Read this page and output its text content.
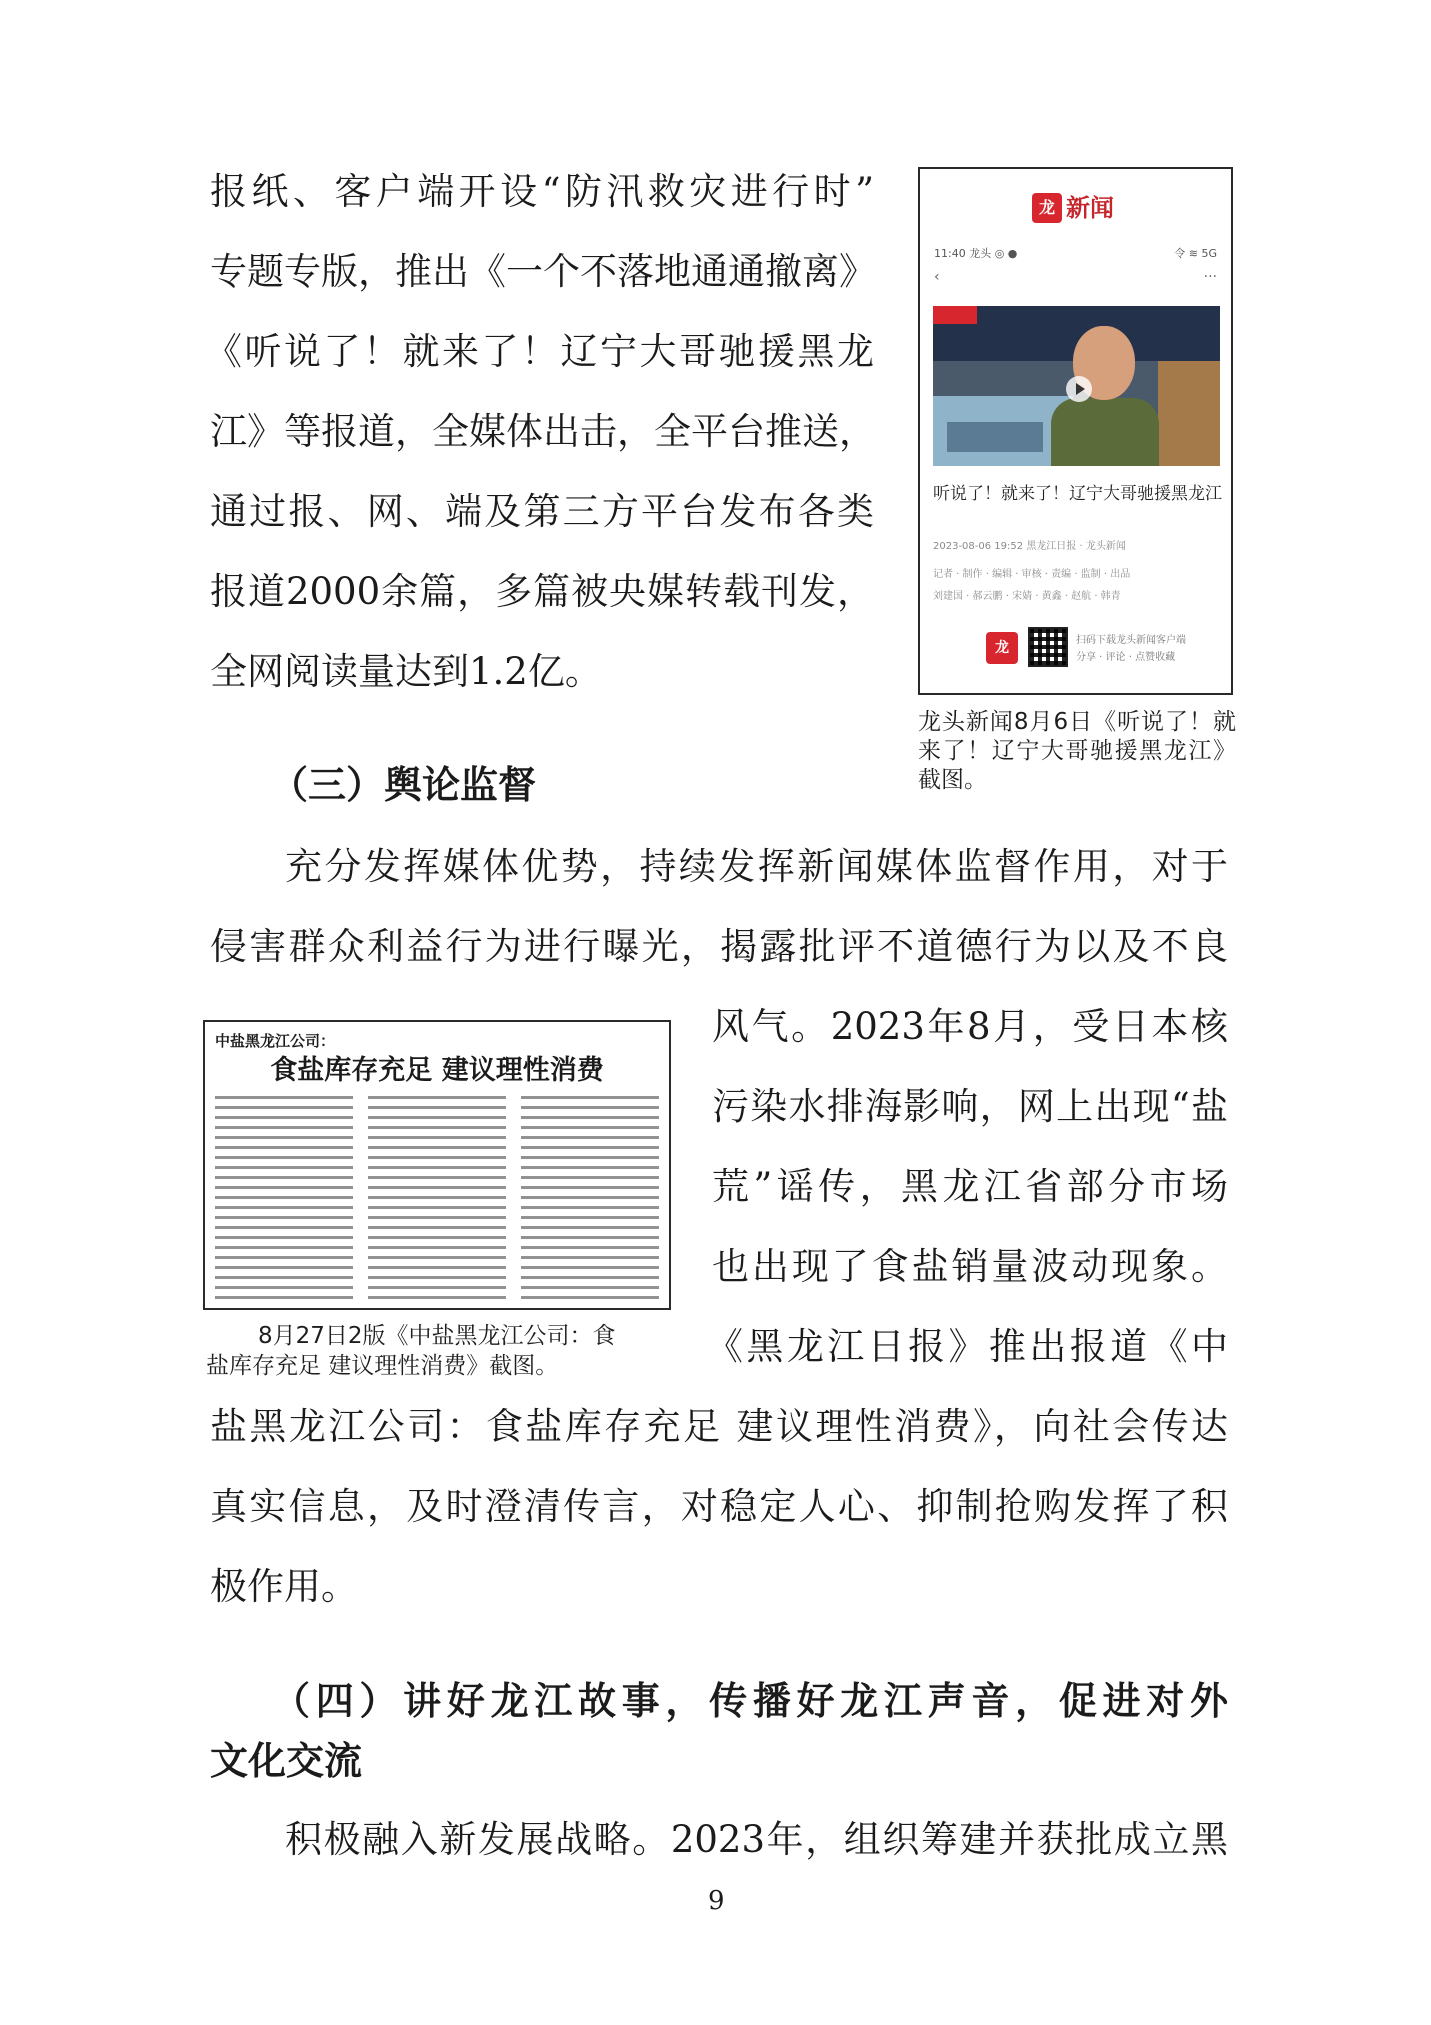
报纸、客户端开设“防汛救灾进行时”
专题专版，推出《一个不落地通通撤离》
《听说了！就来了！辽宁大哥驰援黑龙
江》等报道，全媒体出击，全平台推送，
通过报、网、端及第三方平台发布各类
报道2000余篇，多篇被央媒转载刊发，
全网阅读量达到1.2亿。
龙 新闻
11:40 龙头 ◎ ●	令 ≋ 5G
‹	···
听说了！就来了！辽宁大哥驰援黑龙江
2023-08-06 19:52 黑龙江日报 · 龙头新闻
记者 · 制作 · 编辑 · 审核 · 责编 · 监制 · 出品
刘建国 · 郝云鹏 · 宋婧 · 黄鑫 · 赵航 · 韩青
龙	扫码下载龙头新闻客户端
分享 · 评论 · 点赞收藏
龙头新闻8月6日《听说了！就来了！辽宁大哥驰援黑龙江》截图。
（三）舆论监督
充分发挥媒体优势，持续发挥新闻媒体监督作用，对于
侵害群众利益行为进行曝光，揭露批评不道德行为以及不良
风气。2023年8月，受日本核
污染水排海影响，网上出现“盐
荒”谣传，黑龙江省部分市场
也出现了食盐销量波动现象。
《黑龙江日报》推出报道《中
盐黑龙江公司：食盐库存充足 建议理性消费》，向社会传达
真实信息，及时澄清传言，对稳定人心、抑制抢购发挥了积
极作用。
中盐黑龙江公司：
食盐库存充足 建议理性消费
8月27日2版《中盐黑龙江公司：食
盐库存充足 建议理性消费》截图。
（四）讲好龙江故事，传播好龙江声音，促进对外
文化交流
积极融入新发展战略。2023年，组织筹建并获批成立黑
9
